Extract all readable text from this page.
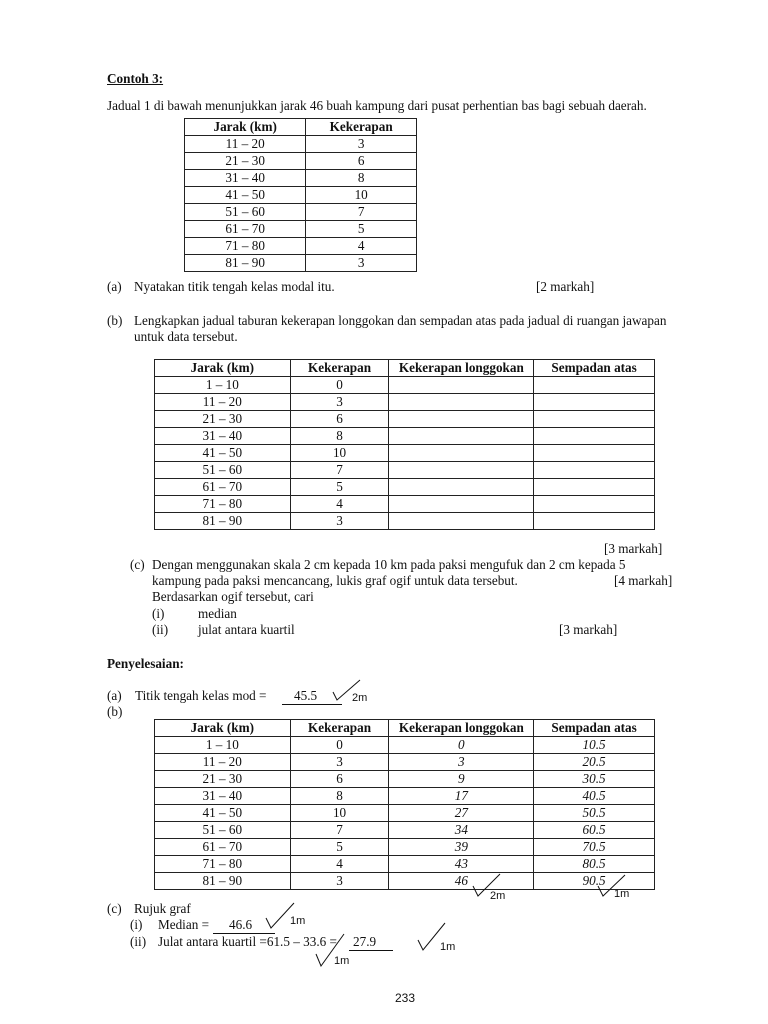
Contoh 3:
Jadual 1 di bawah menunjukkan jarak 46 buah kampung dari pusat perhentian bas bagi sebuah daerah.
Jarak (km)	Kekerapan
11 – 20	3
21 – 30	6
31 – 40	8
41 – 50	10
51 – 60	7
61 – 70	5
71 – 80	4
81 – 90	3
(a) Nyatakan titik tengah kelas modal itu.	[2 markah]
(b) Lengkapkan jadual taburan kekerapan longgokan dan sempadan atas pada jadual di ruangan jawapan
untuk data tersebut.
Jarak (km)	Kekerapan	Kekerapan longgokan	Sempadan atas
1 – 10	0		
11 – 20	3		
21 – 30	6		
31 – 40	8		
41 – 50	10		
51 – 60	7		
61 – 70	5		
71 – 80	4		
81 – 90	3		
[3 markah]
(c) Dengan menggunakan skala 2 cm kepada 10 km pada paksi mengufuk dan 2 cm kepada 5
kampung pada paksi mencancang, lukis graf ogif untuk data tersebut.	[4 markah]
Berdasarkan ogif tersebut, cari
(i)	median
(ii) julat antara kuartil	[3 markah]
Penyelesaian:
(a) Titik tengah kelas mod =	45.5	2m
(b)
Jarak (km)	Kekerapan	Kekerapan longgokan	Sempadan atas
1 – 10	0	0	10.5
11 – 20	3	3	20.5
21 – 30	6	9	30.5
31 – 40	8	17	40.5
41 – 50	10	27	50.5
51 – 60	7	34	60.5
61 – 70	5	39	70.5
71 – 80	4	43	80.5
81 – 90	3	46	90.5
2m	1m
(c) Rujuk graf
(i) Median =	46.6	1m
(ii) Julat antara kuartil =61.5 – 33.6 =	27.9
1m
1m
233
